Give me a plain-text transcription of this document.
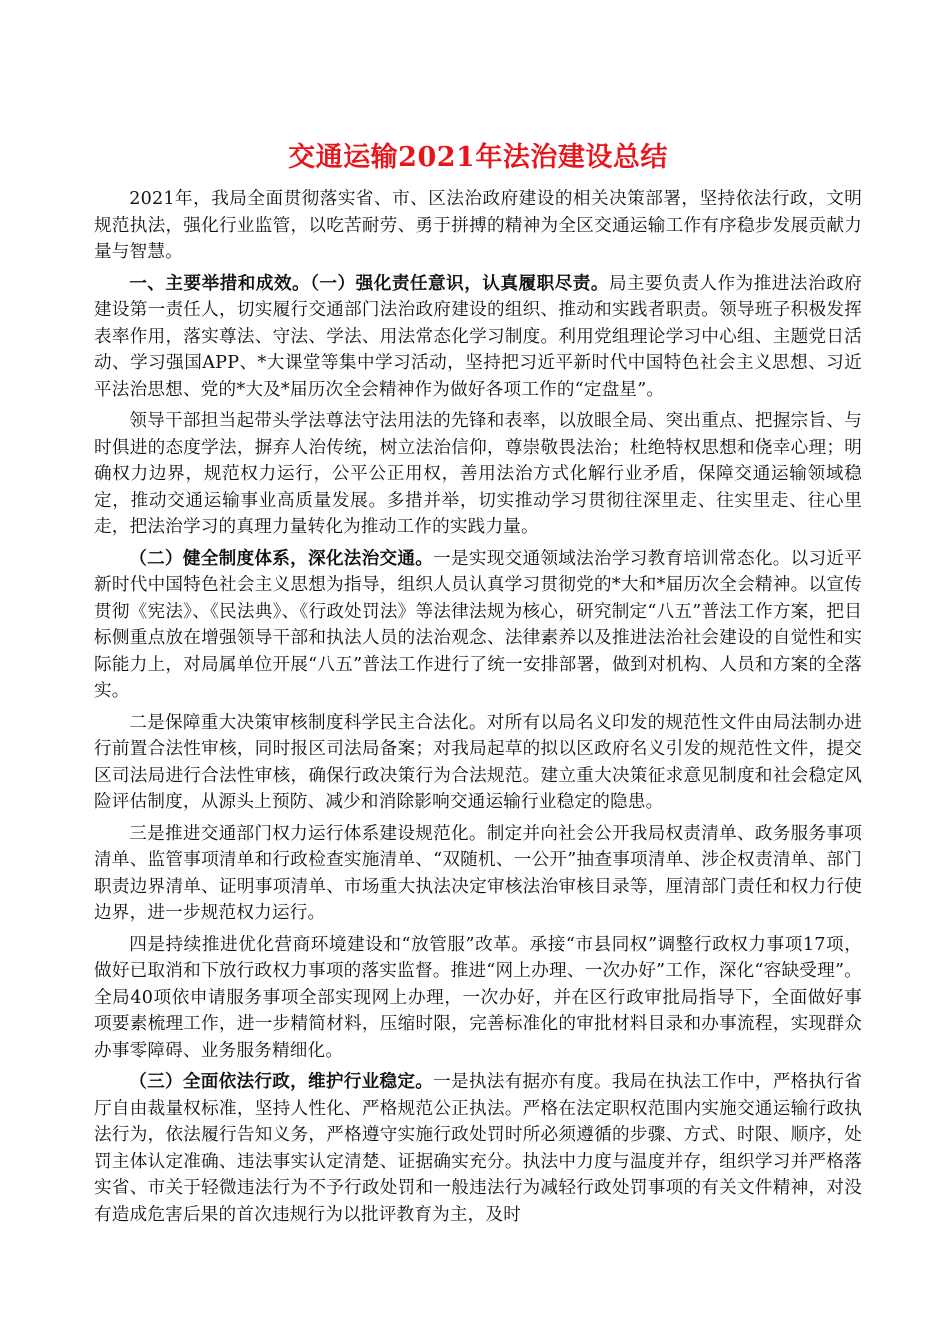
交通运输2021年法治建设总结

2021年，我局全面贯彻落实省、市、区法治政府建设的相关决策部署，坚持依法行政，文明规范执法，强化行业监管，以吃苦耐劳、勇于拼搏的精神为全区交通运输工作有序稳步发展贡献力量与智慧。

一、主要举措和成效。（一）强化责任意识，认真履职尽责。局主要负责人作为推进法治政府建设第一责任人，切实履行交通部门法治政府建设的组织、推动和实践者职责。领导班子积极发挥表率作用，落实尊法、守法、学法、用法常态化学习制度。利用党组理论学习中心组、主题党日活动、学习强国APP、*大课堂等集中学习活动，坚持把习近平新时代中国特色社会主义思想、习近平法治思想、党的*大及*届历次全会精神作为做好各项工作的“定盘星”。

领导干部担当起带头学法尊法守法用法的先锋和表率，以放眼全局、突出重点、把握宗旨、与时俱进的态度学法，摒弃人治传统，树立法治信仰，尊崇敬畏法治；杜绝特权思想和侥幸心理；明确权力边界，规范权力运行，公平公正用权，善用法治方式化解行业矛盾，保障交通运输领域稳定，推动交通运输事业高质量发展。多措并举，切实推动学习贯彻往深里走、往实里走、往心里走，把法治学习的真理力量转化为推动工作的实践力量。

（二）健全制度体系，深化法治交通。一是实现交通领域法治学习教育培训常态化。以习近平新时代中国特色社会主义思想为指导，组织人员认真学习贯彻党的*大和*届历次全会精神。以宣传贯彻《宪法》、《民法典》、《行政处罚法》等法律法规为核心，研究制定“八五”普法工作方案，把目标侧重点放在增强领导干部和执法人员的法治观念、法律素养以及推进法治社会建设的自觉性和实际能力上，对局属单位开展“八五”普法工作进行了统一安排部署，做到对机构、人员和方案的全落实。

二是保障重大决策审核制度科学民主合法化。对所有以局名义印发的规范性文件由局法制办进行前置合法性审核，同时报区司法局备案；对我局起草的拟以区政府名义引发的规范性文件，提交区司法局进行合法性审核，确保行政决策行为合法规范。建立重大决策征求意见制度和社会稳定风险评估制度，从源头上预防、减少和消除影响交通运输行业稳定的隐患。

三是推进交通部门权力运行体系建设规范化。制定并向社会公开我局权责清单、政务服务事项清单、监管事项清单和行政检查实施清单、“双随机、一公开”抽查事项清单、涉企权责清单、部门职责边界清单、证明事项清单、市场重大执法决定审核法治审核目录等，厘清部门责任和权力行使边界，进一步规范权力运行。

四是持续推进优化营商环境建设和“放管服”改革。承接“市县同权”调整行政权力事项17项，做好已取消和下放行政权力事项的落实监督。推进“网上办理、一次办好”工作，深化“容缺受理”。全局40项依申请服务事项全部实现网上办理，一次办好，并在区行政审批局指导下，全面做好事项要素梳理工作，进一步精简材料，压缩时限，完善标准化的审批材料目录和办事流程，实现群众办事零障碍、业务服务精细化。

（三）全面依法行政，维护行业稳定。一是执法有据亦有度。我局在执法工作中，严格执行省厅自由裁量权标准，坚持人性化、严格规范公正执法。严格在法定职权范围内实施交通运输行政执法行为，依法履行告知义务，严格遵守实施行政处罚时所必须遵循的步骤、方式、时限、顺序，处罚主体认定准确、违法事实认定清楚、证据确实充分。执法中力度与温度并存，组织学习并严格落实省、市关于轻微违法行为不予行政处罚和一般违法行为减轻行政处罚事项的有关文件精神，对没有造成危害后果的首次违规行为以批评教育为主，及时
